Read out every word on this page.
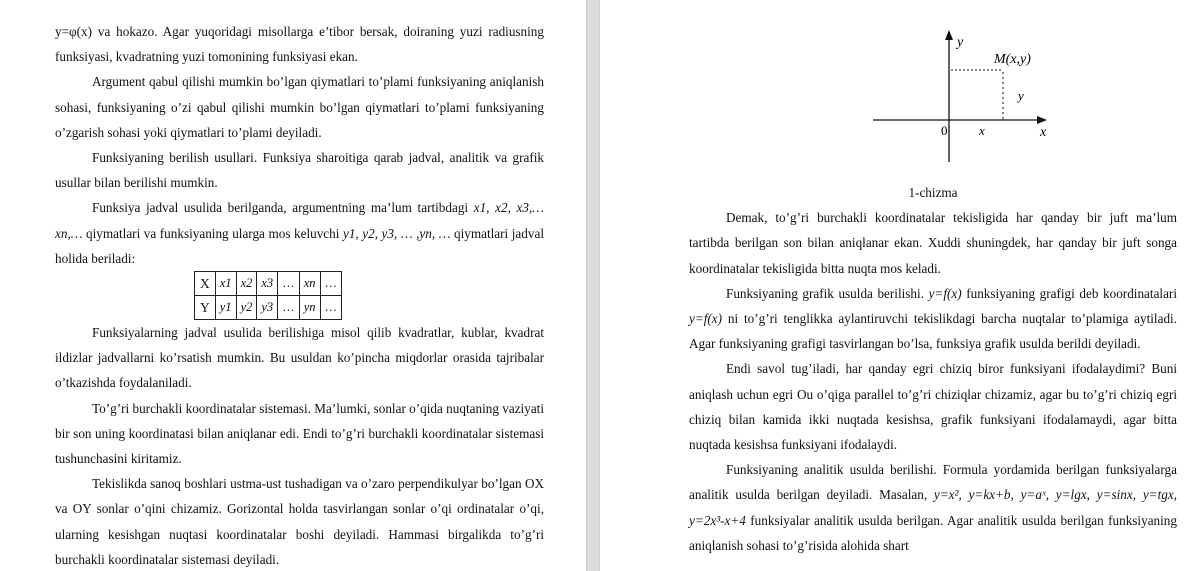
y=φ(x) va hokazo. Agar yuqoridagi misollarga e’tibor bersak, doiraning yuzi radiusning funksiyasi, kvadratning yuzi tomonining funksiyasi ekan.

Argument qabul qilishi mumkin bo’lgan qiymatlari to’plami funksiyaning aniqlanish sohasi, funksiyaning o’zi qabul qilishi mumkin bo’lgan qiymatlari to’plami funksiyaning o’zgarish sohasi yoki qiymatlari to’plami deyiladi.

Funksiyaning berilish usullari. Funksiya sharoitiga qarab jadval, analitik va grafik usullar bilan berilishi mumkin.

Funksiya jadval usulida berilganda, argumentning ma’lum tartibdagi x1, x2, x3,… xn,… qiymatlari va funksiyaning ularga mos keluvchi y1, y2, y3, … ,yn, … qiymatlari jadval holida beriladi:

X	x1	x2	x3	…	xn	…
Y	y1	y2	y3	…	yn	…

Funksiyalarning jadval usulida berilishiga misol qilib kvadratlar, kublar, kvadrat ildizlar jadvallarni ko’rsatish mumkin. Bu usuldan ko’pincha miqdorlar orasida tajribalar o’tkazishda foydalaniladi.

To’g’ri burchakli koordinatalar sistemasi. Ma’lumki, sonlar o’qida nuqtaning vaziyati bir son uning koordinatasi bilan aniqlanar edi. Endi to’g’ri burchakli koordinatalar sistemasi tushunchasini kiritamiz.

Tekislikda sanoq boshlari ustma-ust tushadigan va o’zaro perpendikulyar bo’lgan OX va OY sonlar o’qini chizamiz. Gorizontal holda tasvirlangan sonlar o’qi ordinatalar o’qi, ularning kesishgan nuqtasi koordinatalar boshi deyiladi. Hammasi birgalikda to’g’ri burchakli koordinatalar sistemasi deyiladi.

y
x
0
M(x,y)
x
y

1-chizma

Demak, to’g’ri burchakli koordinatalar tekisligida har qanday bir juft ma’lum tartibda berilgan son bilan aniqlanar ekan. Xuddi shuningdek, har qanday bir juft songa koordinatalar tekisligida bitta nuqta mos keladi.

Funksiyaning grafik usulda berilishi. y=f(x) funksiyaning grafigi deb koordinatalari y=f(x) ni to’g’ri tenglikka aylantiruvchi tekislikdagi barcha nuqtalar to’plamiga aytiladi. Agar funksiyaning grafigi tasvirlangan bo’lsa, funksiya grafik usulda berildi deyiladi.

Endi savol tug’iladi, har qanday egri chiziq biror funksiyani ifodalaydimi? Buni aniqlash uchun egri Ou o’qiga parallel to’g’ri chiziqlar chizamiz, agar bu to’g’ri chiziq egri chiziq bilan kamida ikki nuqtada kesishsa, grafik funksiyani ifodalamaydi, agar bitta nuqtada kesishsa funksiyani ifodalaydi.

Funksiyaning analitik usulda berilishi. Formula yordamida berilgan funksiyalarga analitik usulda berilgan deyiladi. Masalan, y=x², y=kx+b, y=aˣ, y=lgx, y=sinx, y=tgx, y=2x³-x+4 funksiyalar analitik usulda berilgan. Agar analitik usulda berilgan funksiyaning aniqlanish sohasi to’g’risida alohida shart
